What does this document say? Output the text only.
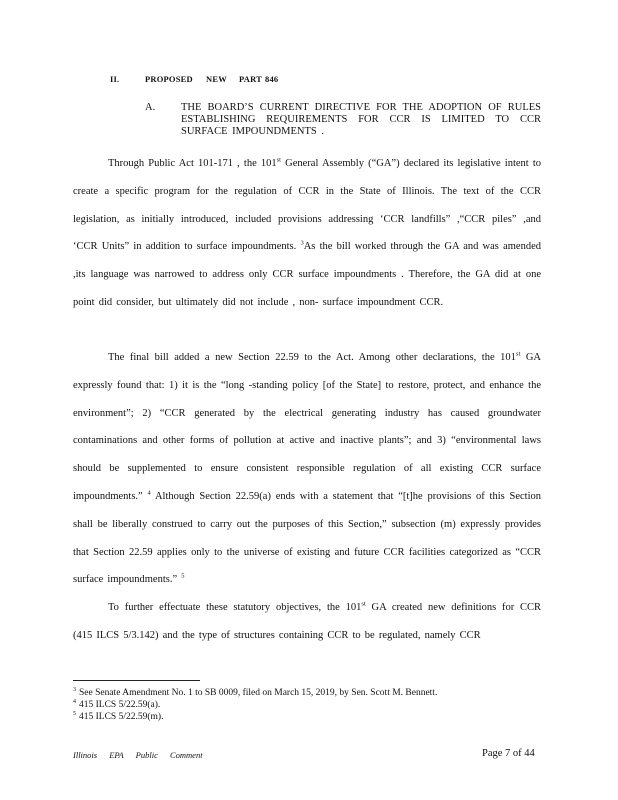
II.	PROPOSED NEW PART 846
A. THE BOARD’S CURRENT DIRECTIVE FOR THE ADOPTION OF RULES ESTABLISHING REQUIREMENTS FOR CCR IS LIMITED TO CCR SURFACE IMPOUNDMENTS .

Through Public Act 101-171 , the 101st General Assembly (“GA”) declared its legislative intent to create a specific program for the regulation of CCR in the State of Illinois. The text of the CCR legislation, as initially introduced, included provisions addressing ‘CCR landfills” ,“CCR piles” ,and ‘CCR Units” in addition to surface impoundments. $^3$As the bill worked through the GA and was amended ,its language was narrowed to address only CCR surface impoundments . Therefore, the GA did at one point did consider, but ultimately did not include , non- surface impoundment CCR.

The final bill added a new Section 22.59 to the Act. Among other declarations, the 101st GA expressly found that: 1) it is the “long -standing policy [of the State] to restore, protect, and enhance the environment”; 2) “CCR generated by the electrical generating industry has caused groundwater contaminations and other forms of pollution at active and inactive plants”; and 3) “environmental laws should be supplemented to ensure consistent responsible regulation of all existing CCR surface impoundments.” $^4$ Although Section 22.59(a) ends with a statement that “[t]he provisions of this Section shall be liberally construed to carry out the purposes of this Section,” subsection (m) expressly provides that Section 22.59 applies only to the universe of existing and future CCR facilities categorized as “CCR surface impoundments.” $^5$

To further effectuate these statutory objectives, the 101st GA created new definitions for CCR (415 ILCS 5/3.142) and the type of structures containing CCR to be regulated, namely CCR

$^3$ See Senate Amendment No. 1 to SB 0009, filed on March 15, 2019, by Sen. Scott M. Bennett.
$^4$ 415 ILCS 5/22.59(a).
$^5$ 415 ILCS 5/22.59(m).
Illinois EPA Public Comment	Page 7 of 44
